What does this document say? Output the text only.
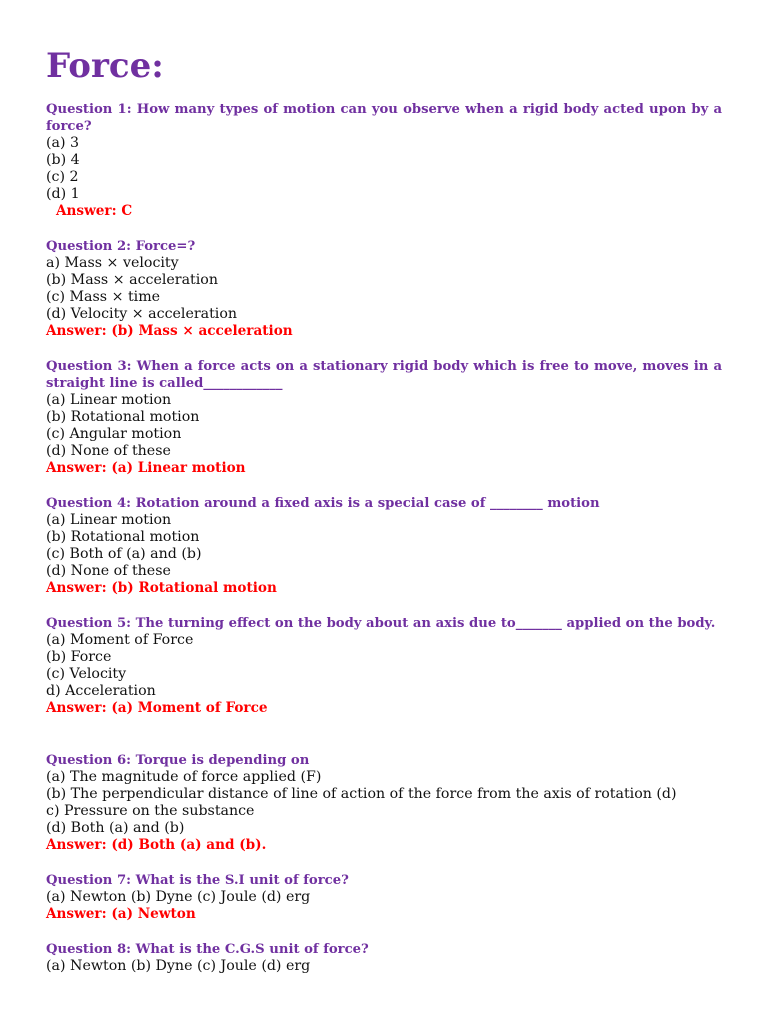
Force:

Question 1: How many types of motion can you observe when a rigid body acted upon by a force?

(a) 3

(b) 4

(c) 2

(d) 1

Answer: C

Question 2: Force=?

a) Mass × velocity

(b) Mass × acceleration

(c) Mass × time

(d) Velocity × acceleration

Answer: (b) Mass × acceleration

Question 3: When a force acts on a stationary rigid body which is free to move, moves in a straight line is called____________

(a) Linear motion

(b) Rotational motion

(c) Angular motion

(d) None of these

Answer: (a) Linear motion

Question 4: Rotation around a fixed axis is a special case of ________ motion

(a) Linear motion

(b) Rotational motion

(c) Both of (a) and (b)

(d) None of these

Answer: (b) Rotational motion

Question 5: The turning effect on the body about an axis due to_______ applied on the body.

(a) Moment of Force

(b) Force

(c) Velocity

d) Acceleration

Answer: (a) Moment of Force

Question 6: Torque is depending on

(a) The magnitude of force applied (F)

(b) The perpendicular distance of line of action of the force from the axis of rotation (d)

c) Pressure on the substance

(d) Both (a) and (b)

Answer: (d) Both (a) and (b).

Question 7: What is the S.I unit of force?

(a) Newton (b) Dyne (c) Joule (d) erg

Answer: (a) Newton

Question 8: What is the C.G.S unit of force?

(a) Newton (b) Dyne (c) Joule (d) erg
